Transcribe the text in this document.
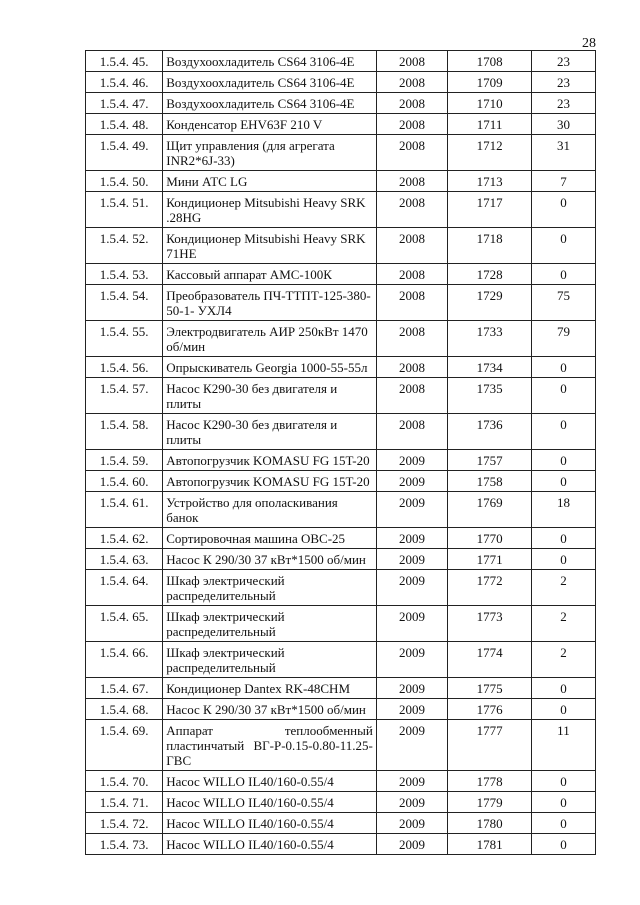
28
1.5.4. 45.	Воздухоохладитель CS64 3106-4E	2008	1708	23
1.5.4. 46.	Воздухоохладитель CS64 3106-4E	2008	1709	23
1.5.4. 47.	Воздухоохладитель CS64 3106-4E	2008	1710	23
1.5.4. 48.	Конденсатор EHV63F 210 V	2008	1711	30
1.5.4. 49.	Щит управления (для агрегата INR2*6J-33)	2008	1712	31
1.5.4. 50.	Мини АТС LG	2008	1713	7
1.5.4. 51.	Кондиционер Mitsubishi Heavy SRK .28HG	2008	1717	0
1.5.4. 52.	Кондиционер Mitsubishi Heavy SRK 71HE	2008	1718	0
1.5.4. 53.	Кассовый аппарат АМС-100К	2008	1728	0
1.5.4. 54.	Преобразователь ПЧ-ТТПТ-125-380-50-1- УХЛ4	2008	1729	75
1.5.4. 55.	Электродвигатель АИР 250кВт 1470 об/мин	2008	1733	79
1.5.4. 56.	Опрыскиватель Georgia 1000-55-55л	2008	1734	0
1.5.4. 57.	Насос К290-30 без двигателя и плиты	2008	1735	0
1.5.4. 58.	Насос К290-30 без двигателя и плиты	2008	1736	0
1.5.4. 59.	Автопогрузчик KOMASU FG 15T-20	2009	1757	0
1.5.4. 60.	Автопогрузчик KOMASU FG 15T-20	2009	1758	0
1.5.4. 61.	Устройство для ополаскивания банок	2009	1769	18
1.5.4. 62.	Сортировочная машина ОВС-25	2009	1770	0
1.5.4. 63.	Насос К 290/30 37 кВт*1500 об/мин	2009	1771	0
1.5.4. 64.	Шкаф электрический распределительный	2009	1772	2
1.5.4. 65.	Шкаф электрический распределительный	2009	1773	2
1.5.4. 66.	Шкаф электрический распределительный	2009	1774	2
1.5.4. 67.	Кондиционер Dantex RK-48CHM	2009	1775	0
1.5.4. 68.	Насос К 290/30 37 кВт*1500 об/мин	2009	1776	0
1.5.4. 69.	Аппарат теплообменный пластинчатый ВГ-Р-0.15-0.80-11.25-ГВС	2009	1777	11
1.5.4. 70.	Насос WILLO IL40/160-0.55/4	2009	1778	0
1.5.4. 71.	Насос WILLO IL40/160-0.55/4	2009	1779	0
1.5.4. 72.	Насос WILLO IL40/160-0.55/4	2009	1780	0
1.5.4. 73.	Насос WILLO IL40/160-0.55/4	2009	1781	0
